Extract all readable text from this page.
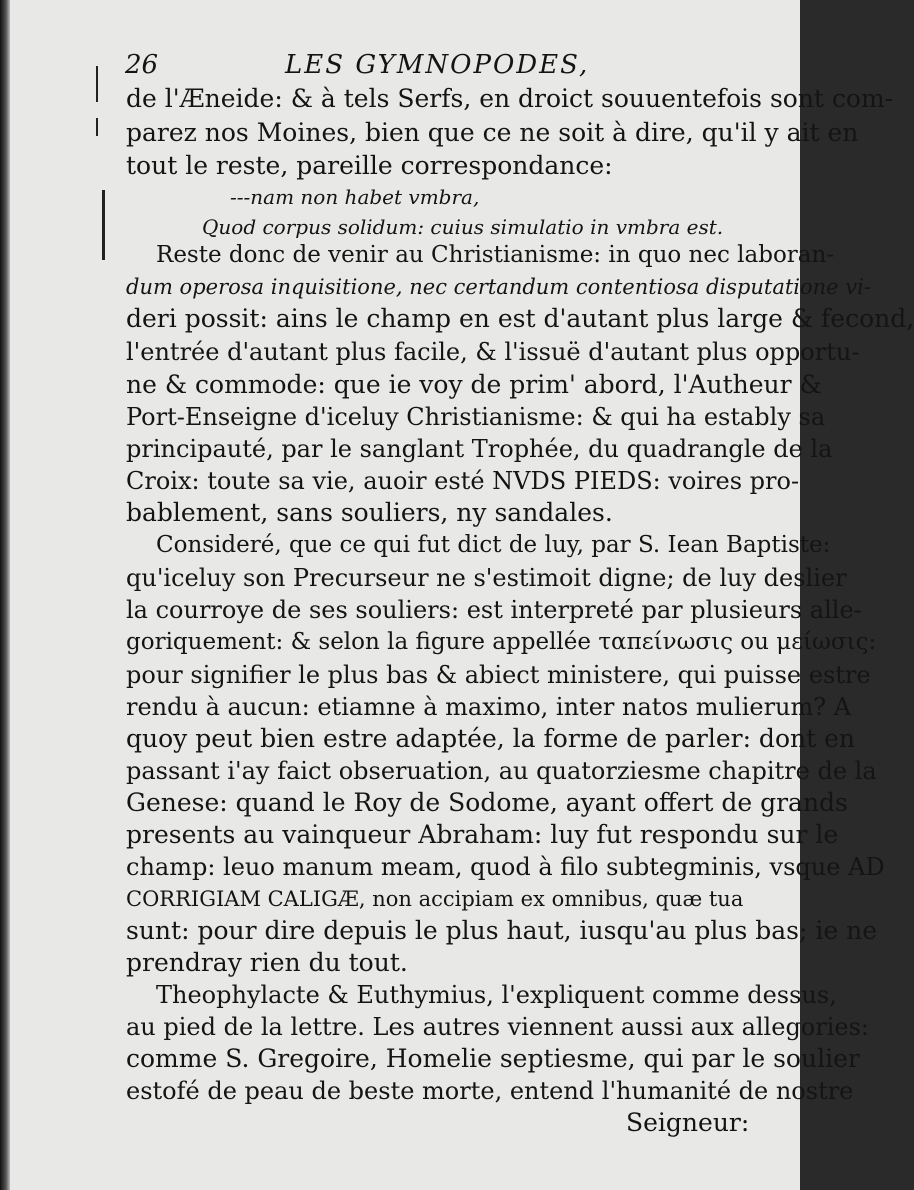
26	LES GYMNOPODES,
de l'Æneide: & à tels Serfs, en droict souuentefois sont com-
parez nos Moines, bien que ce ne soit à dire, qu'il y ait en
tout le reste, pareille correspondance:
---nam non habet vmbra,
Quod corpus solidum: cuius simulatio in vmbra est.
Reste donc de venir au Christianisme: in quo nec laboran-
dum operosa inquisitione, nec certandum contentiosa disputatione vi-
deri possit: ains le champ en est d'autant plus large & fecond,
l'entrée d'autant plus facile, & l'issuë d'autant plus opportu-
ne & commode: que ie voy de prim' abord, l'Autheur &
Port-Enseigne d'iceluy Christianisme: & qui ha estably sa
principauté, par le sanglant Trophée, du quadrangle de la
Croix: toute sa vie, auoir esté NVDS PIEDS: voires pro-
bablement, sans souliers, ny sandales.
Consideré, que ce qui fut dict de luy, par S. Iean Baptiste:
qu'iceluy son Precurseur ne s'estimoit digne; de luy deslier
la courroye de ses souliers: est interpreté par plusieurs alle-
goriquement: & selon la figure appellée ταπείνωσις ou μείωσις:
pour signifier le plus bas & abiect ministere, qui puisse estre
rendu à aucun: etiamne à maximo, inter natos mulierum? A
quoy peut bien estre adaptée, la forme de parler: dont en
passant i'ay faict obseruation, au quatorziesme chapitre de la
Genese: quand le Roy de Sodome, ayant offert de grands
presents au vainqueur Abraham: luy fut respondu sur le
champ: leuo manum meam, quod à filo subtegminis, vsque AD
CORRIGIAM CALIGÆ, non accipiam ex omnibus, quæ tua
sunt: pour dire depuis le plus haut, iusqu'au plus bas; ie ne
prendray rien du tout.
Theophylacte & Euthymius, l'expliquent comme dessus,
au pied de la lettre. Les autres viennent aussi aux allegories:
comme S. Gregoire, Homelie septiesme, qui par le soulier
estofé de peau de beste morte, entend l'humanité de nostre
Seigneur:
